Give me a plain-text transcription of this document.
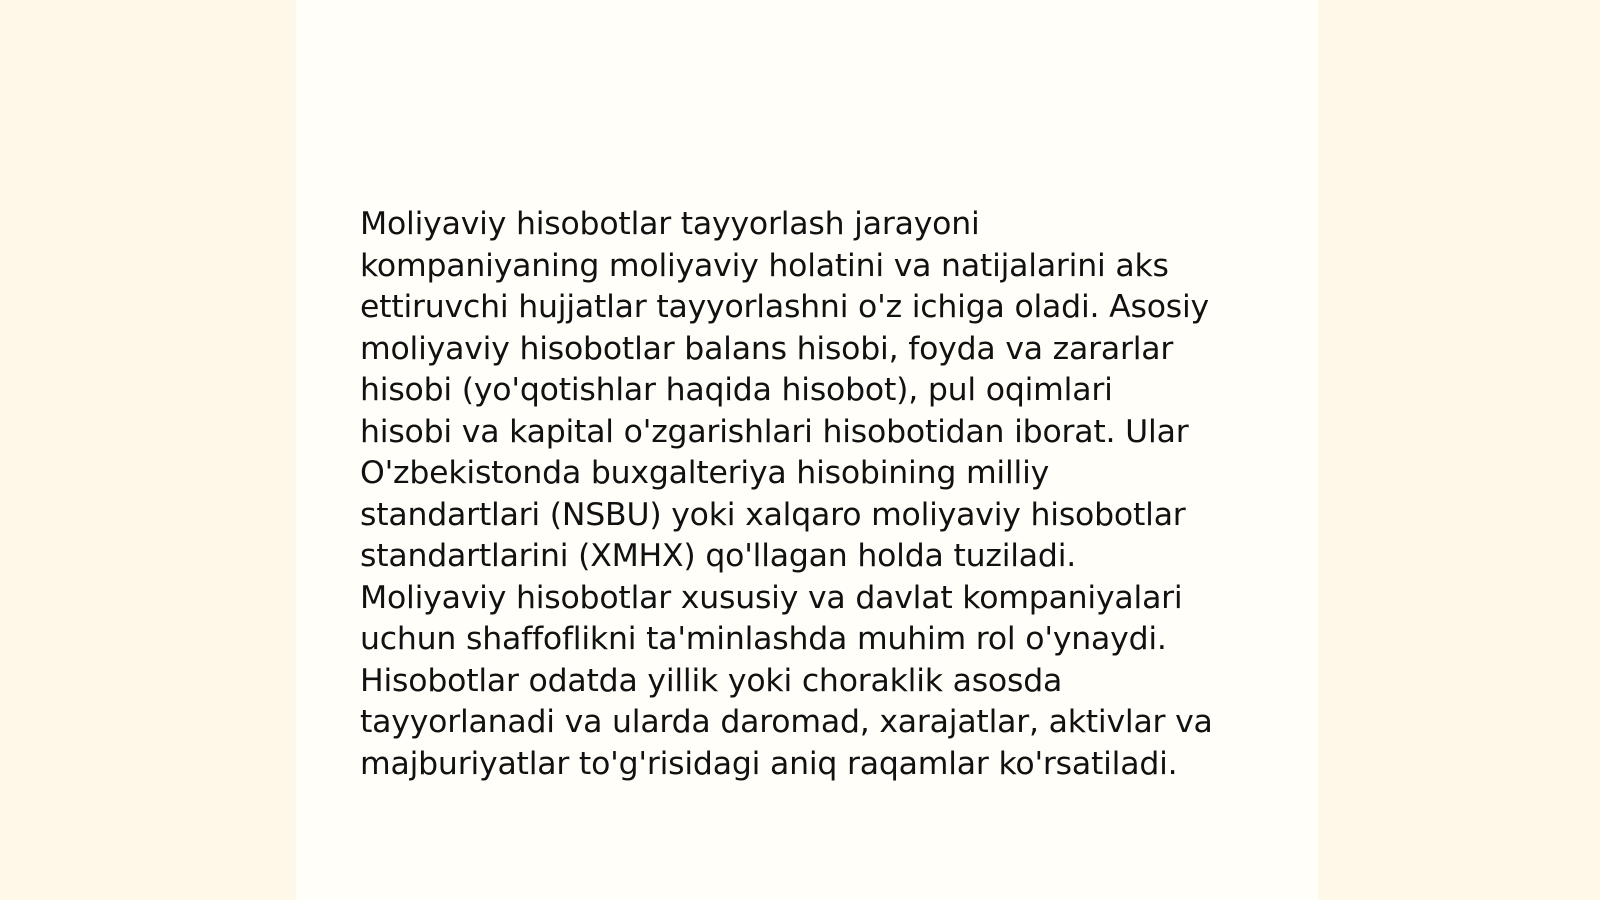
Moliyaviy hisobotlar tayyorlash jarayoni
kompaniyaning moliyaviy holatini va natijalarini aks
ettiruvchi hujjatlar tayyorlashni o'z ichiga oladi. Asosiy
moliyaviy hisobotlar balans hisobi, foyda va zararlar
hisobi (yo'qotishlar haqida hisobot), pul oqimlari
hisobi va kapital o'zgarishlari hisobotidan iborat. Ular
O'zbekistonda buxgalteriya hisobining milliy
standartlari (NSBU) yoki xalqaro moliyaviy hisobotlar
standartlarini (XMHX) qo'llagan holda tuziladi.
Moliyaviy hisobotlar xususiy va davlat kompaniyalari
uchun shaffoflikni ta'minlashda muhim rol o'ynaydi.
Hisobotlar odatda yillik yoki choraklik asosda
tayyorlanadi va ularda daromad, xarajatlar, aktivlar va
majburiyatlar to'g'risidagi aniq raqamlar ko'rsatiladi.
